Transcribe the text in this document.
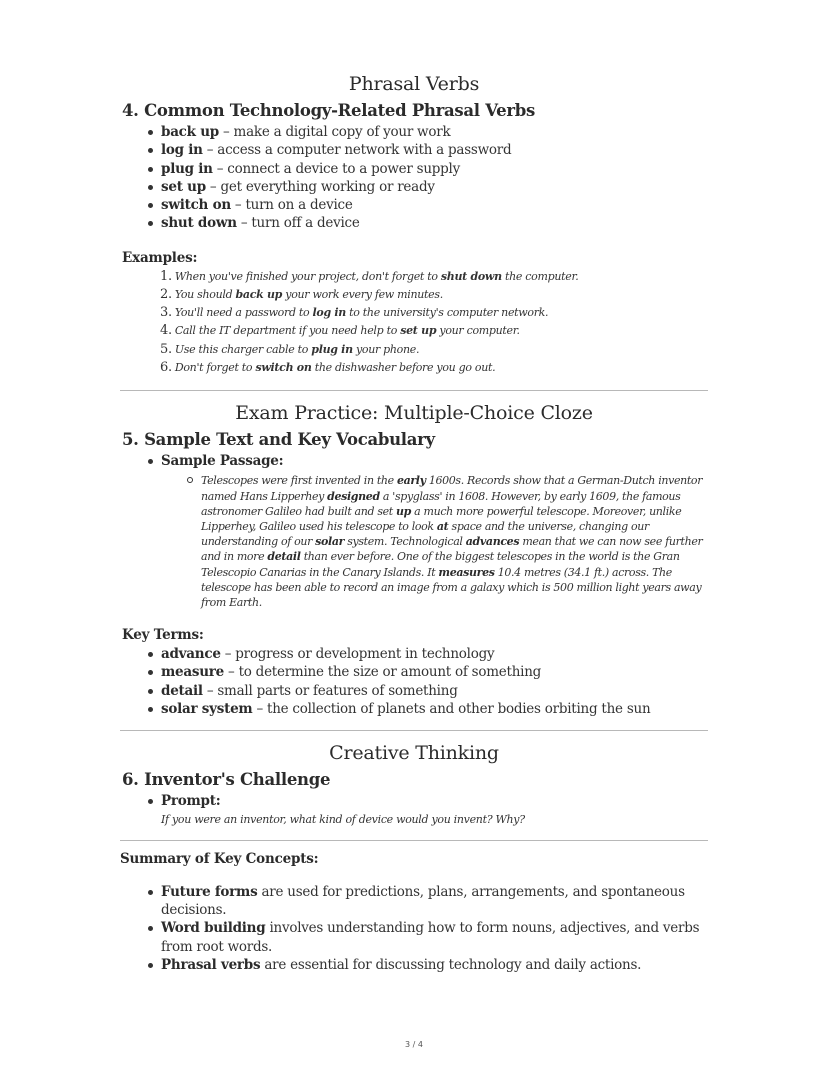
Phrasal Verbs
4. Common Technology-Related Phrasal Verbs
back up – make a digital copy of your work
log in – access a computer network with a password
plug in – connect a device to a power supply
set up – get everything working or ready
switch on – turn on a device
shut down – turn off a device
Examples:
1. When you've finished your project, don't forget to shut down the computer.
2. You should back up your work every few minutes.
3. You'll need a password to log in to the university's computer network.
4. Call the IT department if you need help to set up your computer.
5. Use this charger cable to plug in your phone.
6. Don't forget to switch on the dishwasher before you go out.
Exam Practice: Multiple-Choice Cloze
5. Sample Text and Key Vocabulary
Sample Passage:
Telescopes were first invented in the early 1600s. Records show that a German-Dutch inventor named Hans Lipperhey designed a 'spyglass' in 1608. However, by early 1609, the famous astronomer Galileo had built and set up a much more powerful telescope. Moreover, unlike Lipperhey, Galileo used his telescope to look at space and the universe, changing our understanding of our solar system. Technological advances mean that we can now see further and in more detail than ever before. One of the biggest telescopes in the world is the Gran Telescopio Canarias in the Canary Islands. It measures 10.4 metres (34.1 ft.) across. The telescope has been able to record an image from a galaxy which is 500 million light years away from Earth.
Key Terms:
advance – progress or development in technology
measure – to determine the size or amount of something
detail – small parts or features of something
solar system – the collection of planets and other bodies orbiting the sun
Creative Thinking
6. Inventor's Challenge
Prompt:
If you were an inventor, what kind of device would you invent? Why?
Summary of Key Concepts:
Future forms are used for predictions, plans, arrangements, and spontaneous decisions.
Word building involves understanding how to form nouns, adjectives, and verbs from root words.
Phrasal verbs are essential for discussing technology and daily actions.
3 / 4
